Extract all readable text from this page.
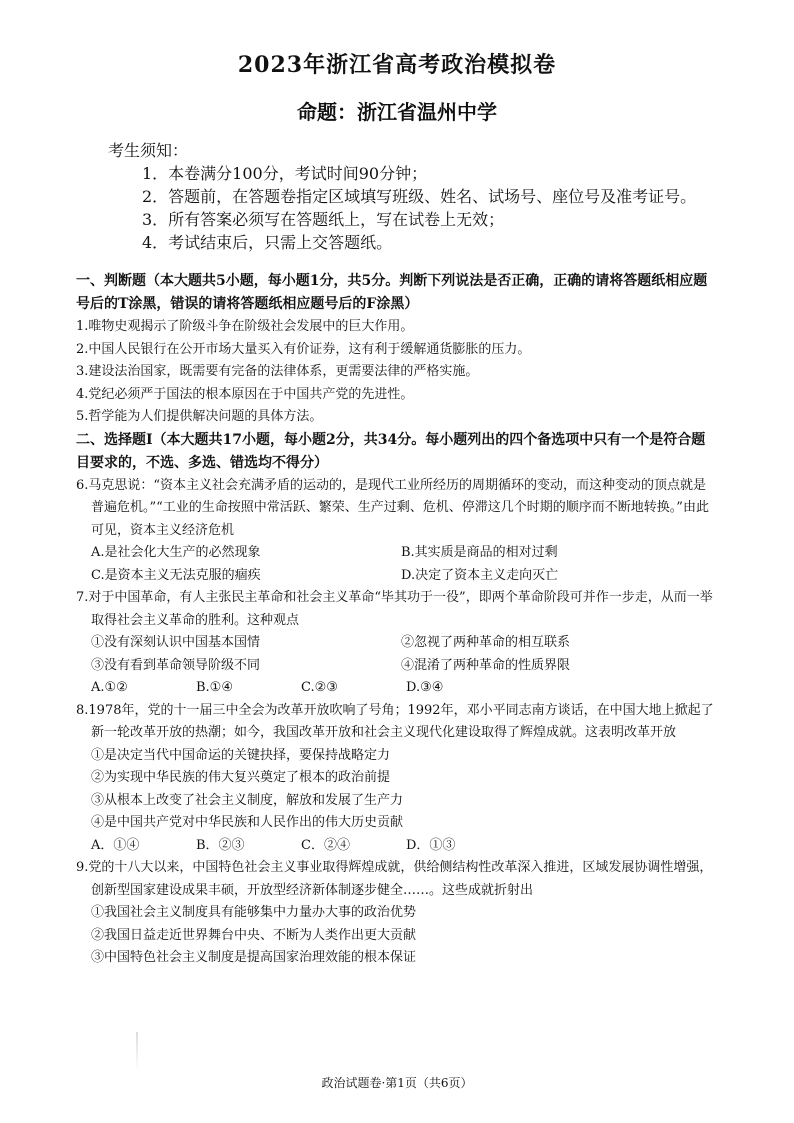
2023年浙江省高考政治模拟卷
命题：浙江省温州中学
考生须知：
1．本卷满分100分，考试时间90分钟；
2．答题前，在答题卷指定区域填写班级、姓名、试场号、座位号及准考证号。
3．所有答案必须写在答题纸上，写在试卷上无效；
4．考试结束后，只需上交答题纸。
一、判断题（本大题共5小题，每小题1分，共5分。判断下列说法是否正确，正确的请将答题纸相应题号后的T涂黑，错误的请将答题纸相应题号后的F涂黑）
1.唯物史观揭示了阶级斗争在阶级社会发展中的巨大作用。
2.中国人民银行在公开市场大量买入有价证券，这有利于缓解通货膨胀的压力。
3.建设法治国家，既需要有完备的法律体系，更需要法律的严格实施。
4.党纪必须严于国法的根本原因在于中国共产党的先进性。
5.哲学能为人们提供解决问题的具体方法。
二、选择题Ⅰ（本大题共17小题，每小题2分，共34分。每小题列出的四个备选项中只有一个是符合题目要求的，不选、多选、错选均不得分）
6.马克思说：“资本主义社会充满矛盾的运动的，是现代工业所经历的周期循环的变动，而这种变动的顶点就是普遍危机。”“工业的生命按照中常活跃、繁荣、生产过剩、危机、停滞这几个时期的顺序而不断地转换。”由此可见，资本主义经济危机
A.是社会化大生产的必然现象	B.其实质是商品的相对过剩
C.是资本主义无法克服的痼疾	D.决定了资本主义走向灭亡
7.对于中国革命，有人主张民主革命和社会主义革命“毕其功于一役”，即两个革命阶段可并作一步走，从而一举取得社会主义革命的胜利。这种观点
①没有深刻认识中国基本国情	②忽视了两种革命的相互联系
③没有看到革命领导阶级不同	④混淆了两种革命的性质界限
A.①②	B.①④	C.②③	D.③④
8.1978年，党的十一届三中全会为改革开放吹响了号角；1992年，邓小平同志南方谈话，在中国大地上掀起了新一轮改革开放的热潮；如今，我国改革开放和社会主义现代化建设取得了辉煌成就。这表明改革开放
①是决定当代中国命运的关键抉择，要保持战略定力
②为实现中华民族的伟大复兴奠定了根本的政治前提
③从根本上改变了社会主义制度，解放和发展了生产力
④是中国共产党对中华民族和人民作出的伟大历史贡献
A．①④	B．②③	C．②④	D．①③
9.党的十八大以来，中国特色社会主义事业取得辉煌成就，供给侧结构性改革深入推进，区域发展协调性增强，创新型国家建设成果丰硕，开放型经济新体制逐步健全……。这些成就折射出
①我国社会主义制度具有能够集中力量办大事的政治优势
②我国日益走近世界舞台中央、不断为人类作出更大贡献
③中国特色社会主义制度是提高国家治理效能的根本保证
政治试题卷·第1页（共6页）
